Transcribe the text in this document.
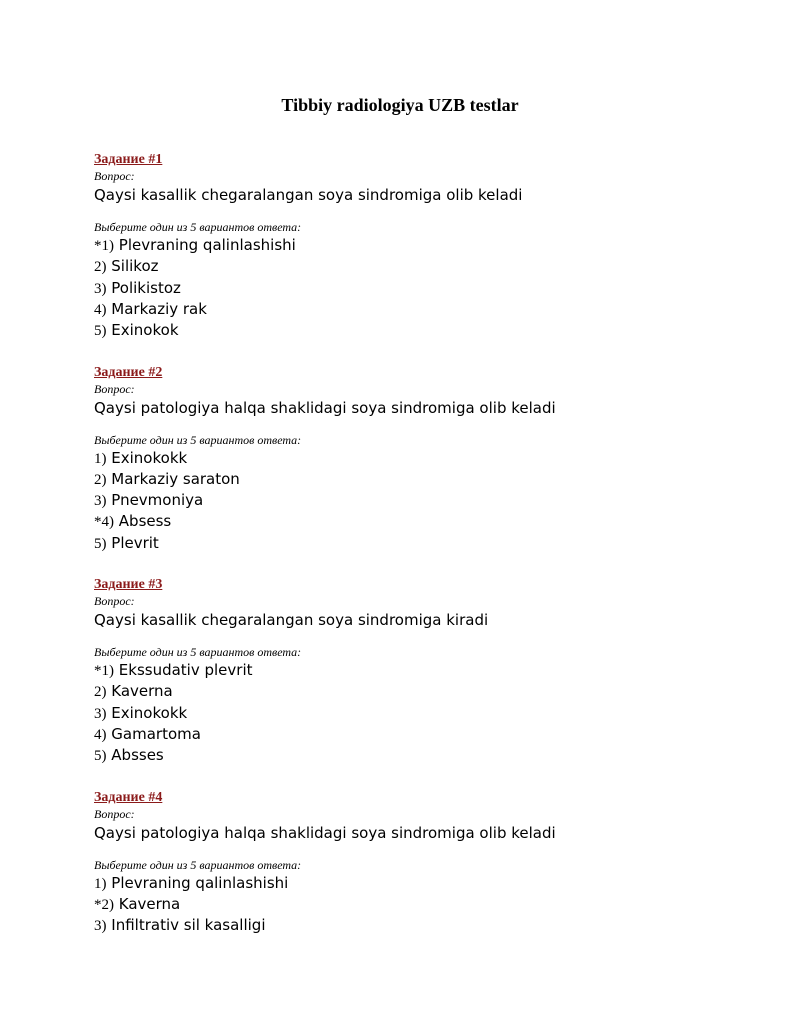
Tibbiy radiologiya UZB testlar
Задание #1
Вопрос:
Qaysi kasallik chegaralangan soya sindromiga olib keladi
Выберите один из 5 вариантов ответа:
*1) Plevraning qalinlashishi
2) Silikoz
3) Polikistoz
4) Markaziy rak
5) Exinokok
Задание #2
Вопрос:
Qaysi patologiya halqa shaklidagi soya sindromiga olib keladi
Выберите один из 5 вариантов ответа:
1) Exinokokk
2) Markaziy saraton
3) Pnevmoniya
*4) Absess
5) Plevrit
Задание #3
Вопрос:
Qaysi kasallik chegaralangan soya sindromiga kiradi
Выберите один из 5 вариантов ответа:
*1) Ekssudativ plevrit
2) Kaverna
3) Exinokokk
4) Gamartoma
5) Absses
Задание #4
Вопрос:
Qaysi patologiya halqa shaklidagi soya sindromiga olib keladi
Выберите один из 5 вариантов ответа:
1) Plevraning qalinlashishi
*2) Kaverna
3) Infiltrativ sil kasalligi
